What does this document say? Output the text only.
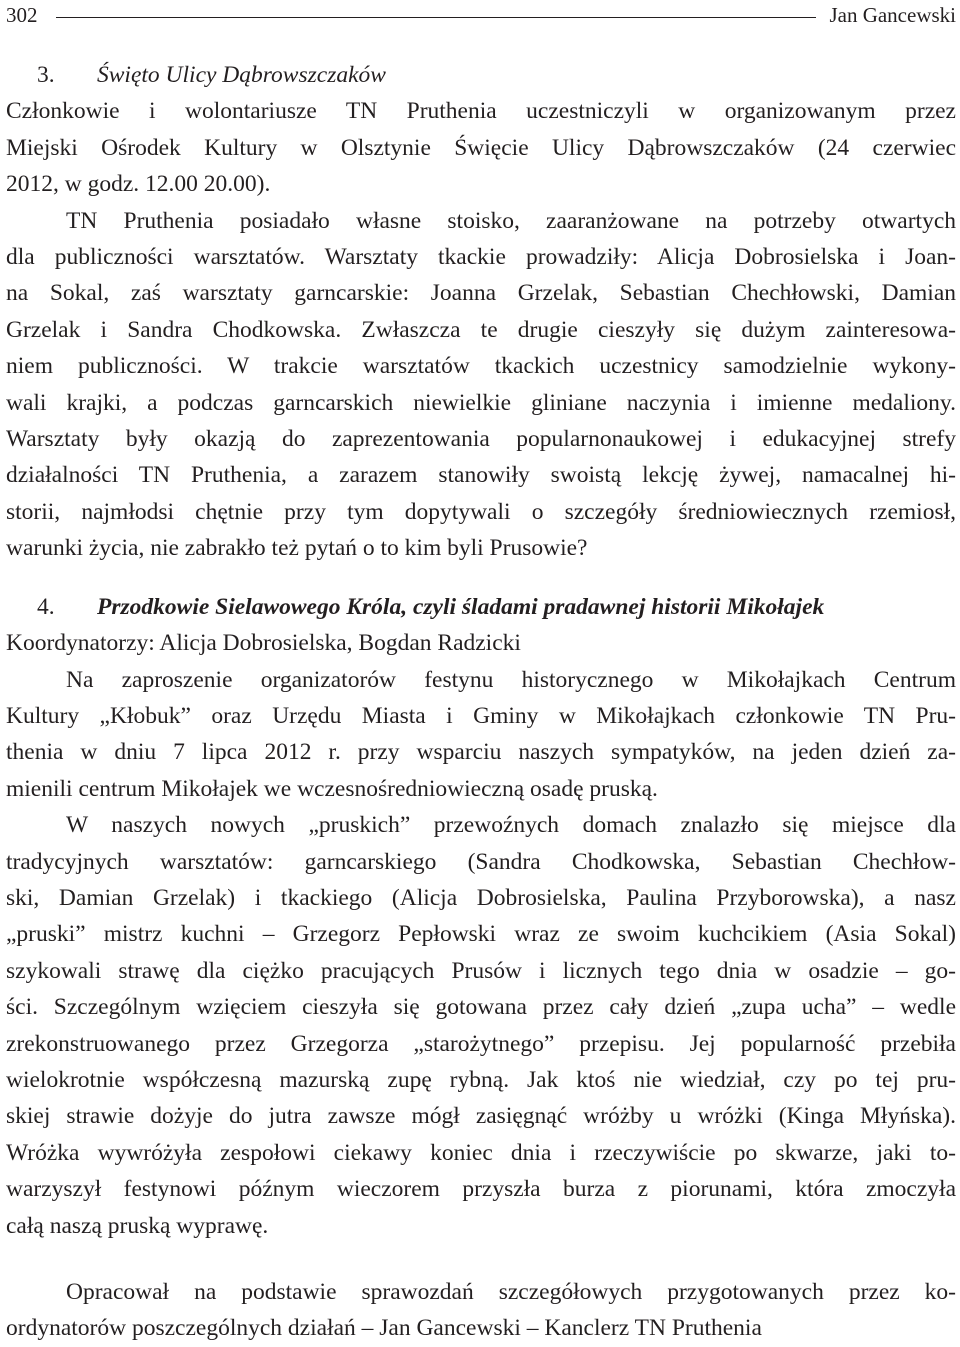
302	Jan Gancewski

3. Święto Ulicy Dąbrowszczaków

Członkowie i wolontariusze TN Pruthenia uczestniczyli w organizowanym przez
Miejski Ośrodek Kultury w Olsztynie Święcie Ulicy Dąbrowszczaków (24 czerwiec
2012, w godz. 12.00 20.00).

TN Pruthenia posiadało własne stoisko, zaaranżowane na potrzeby otwartych

dla publiczności warsztatów. Warsztaty tkackie prowadziły: Alicja Dobrosielska i Joan-
na Sokal, zaś warsztaty garncarskie: Joanna Grzelak, Sebastian Chechłowski, Damian
Grzelak i Sandra Chodkowska. Zwłaszcza te drugie cieszyły się dużym zainteresowa-
niem publiczności. W trakcie warsztatów tkackich uczestnicy samodzielnie wykony-
wali krajki, a podczas garncarskich niewielkie gliniane naczynia i imienne medaliony.
Warsztaty były okazją do zaprezentowania popularnonaukowej i edukacyjnej strefy
działalności TN Pruthenia, a zarazem stanowiły swoistą lekcję żywej, namacalnej hi-
storii, najmłodsi chętnie przy tym dopytywali o szczegóły średniowiecznych rzemiosł,
warunki życia, nie zabrakło też pytań o to kim byli Prusowie?

4. Przodkowie Sielawowego Króla, czyli śladami pradawnej historii Mikołajek

Koordynatorzy: Alicja Dobrosielska, Bogdan Radzicki

Na zaproszenie organizatorów festynu historycznego w Mikołajkach Centrum

Kultury „Kłobuk” oraz Urzędu Miasta i Gminy w Mikołajkach członkowie TN Pru-
thenia w dniu 7 lipca 2012 r. przy wsparciu naszych sympatyków, na jeden dzień za-
mienili centrum Mikołajek we wczesnośredniowieczną osadę pruską.

W naszych nowych „pruskich” przewoźnych domach znalazło się miejsce dla

tradycyjnych warsztatów: garncarskiego (Sandra Chodkowska, Sebastian Chechłow-
ski, Damian Grzelak) i tkackiego (Alicja Dobrosielska, Paulina Przyborowska), a nasz
„pruski” mistrz kuchni – Grzegorz Pepłowski wraz ze swoim kuchcikiem (Asia Sokal)
szykowali strawę dla ciężko pracujących Prusów i licznych tego dnia w osadzie – go-
ści. Szczególnym wzięciem cieszyła się gotowana przez cały dzień „zupa ucha” – wedle
zrekonstruowanego przez Grzegorza „starożytnego” przepisu. Jej popularność przebiła
wielokrotnie współczesną mazurską zupę rybną. Jak ktoś nie wiedział, czy po tej pru-
skiej strawie dożyje do jutra zawsze mógł zasięgnąć wróżby u wróżki (Kinga Młyńska).
Wróżka wywróżyła zespołowi ciekawy koniec dnia i rzeczywiście po skwarze, jaki to-
warzyszył festynowi późnym wieczorem przyszła burza z piorunami, która zmoczyła
całą naszą pruską wyprawę.

Opracował na podstawie sprawozdań szczegółowych przygotowanych przez ko-

ordynatorów poszczególnych działań – Jan Gancewski – Kanclerz TN Pruthenia
